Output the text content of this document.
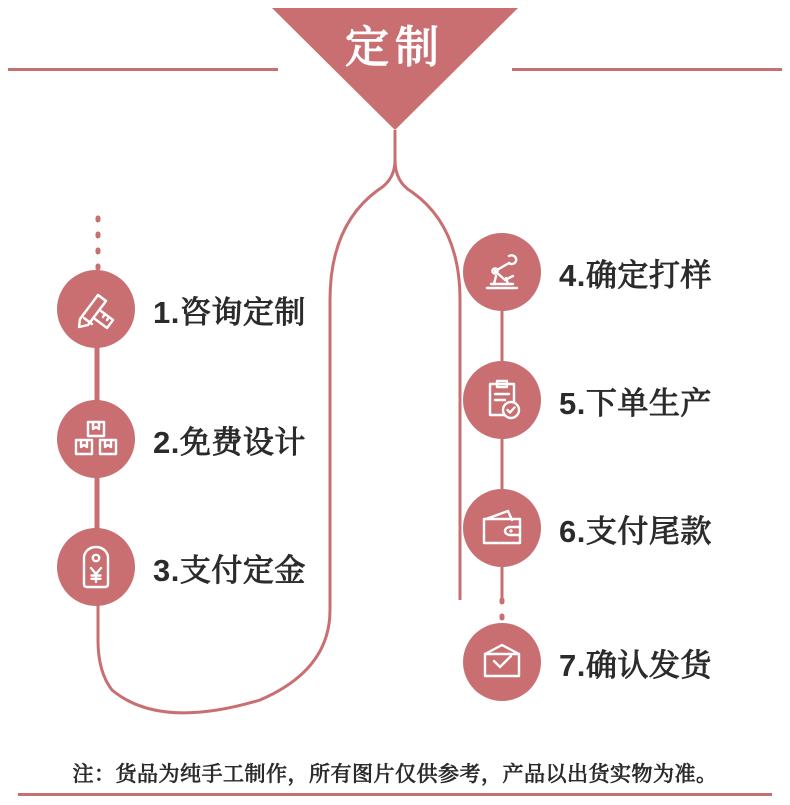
定制
1.咨询定制
2.免费设计
3.支付定金
4.确定打样
5.下单生产
6.支付尾款
7.确认发货
注：货品为纯手工制作，所有图片仅供参考，产品以出货实物为准。
